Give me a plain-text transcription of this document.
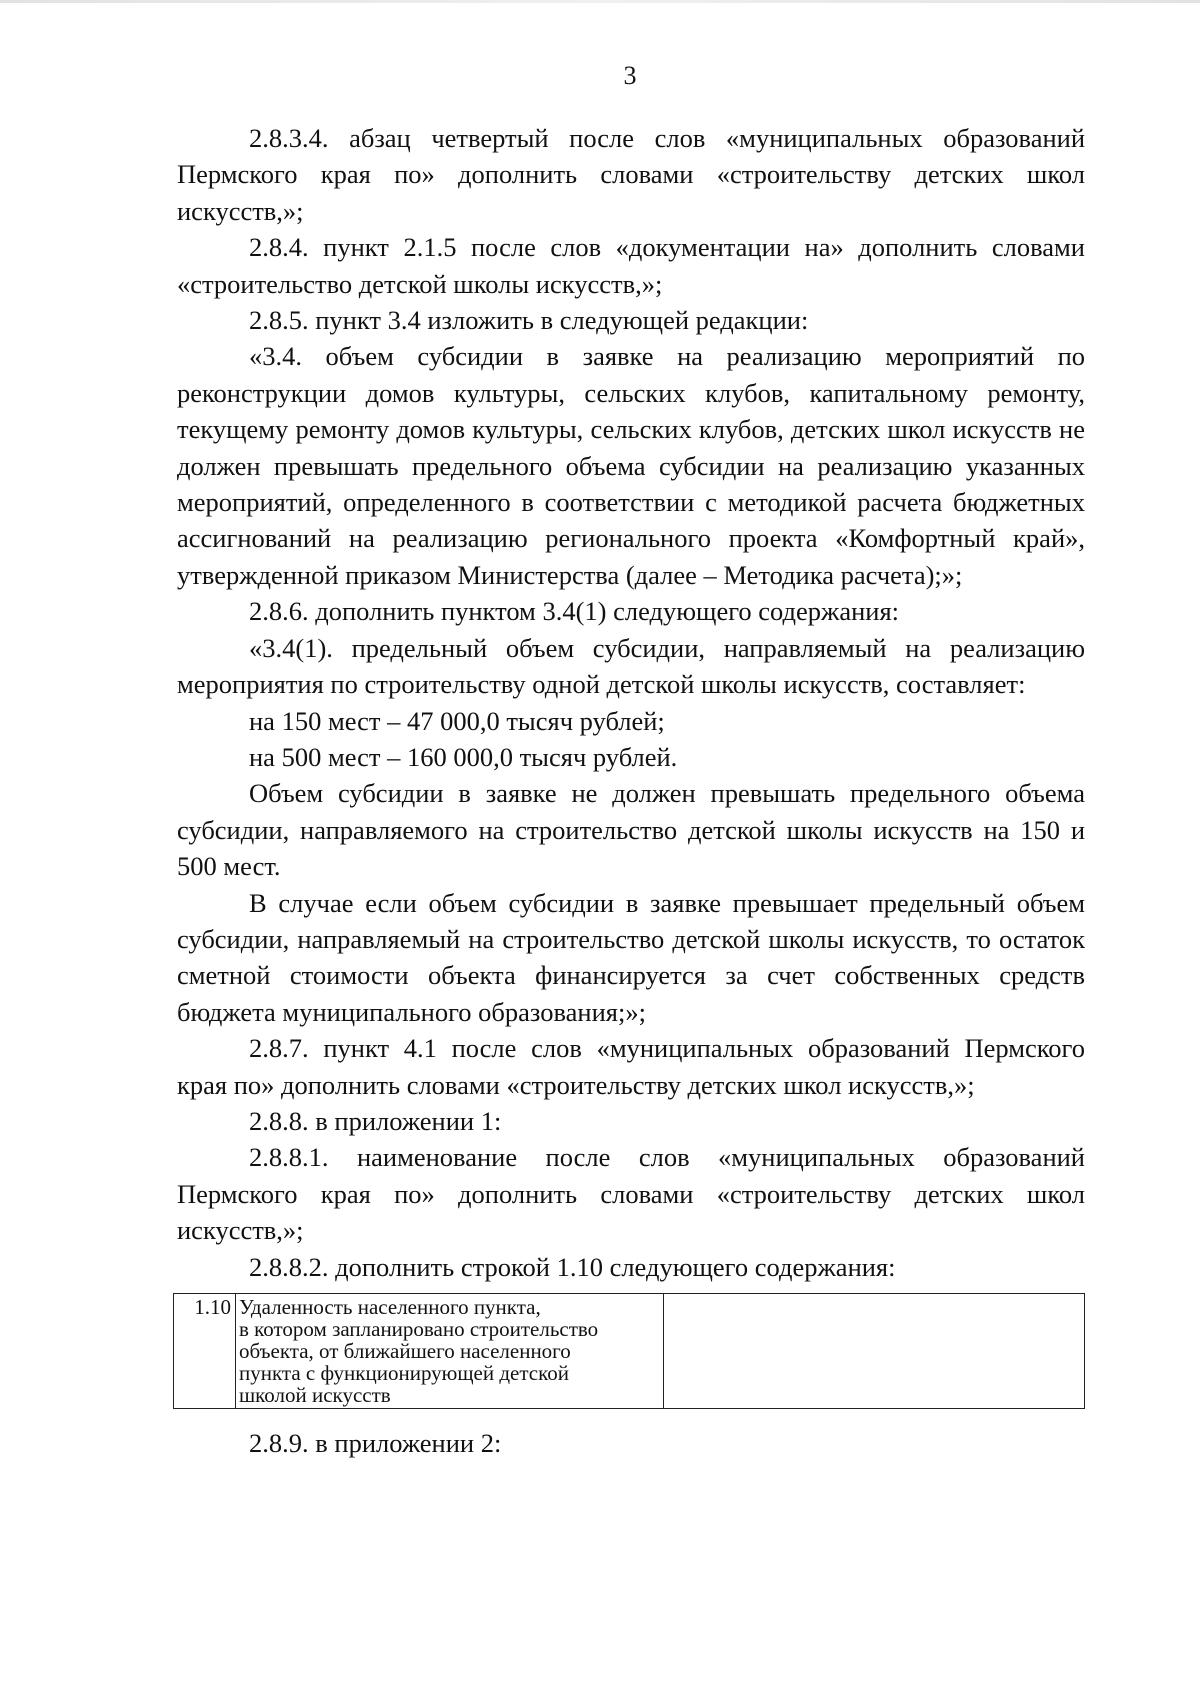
3

2.8.3.4. абзац четвертый после слов «муниципальных образований Пермского края по» дополнить словами «строительству детских школ искусств,»;

2.8.4. пункт 2.1.5 после слов «документации на» дополнить словами «строительство детской школы искусств,»;

2.8.5. пункт 3.4 изложить в следующей редакции:

«3.4. объем субсидии в заявке на реализацию мероприятий по реконструкции домов культуры, сельских клубов, капитальному ремонту, текущему ремонту домов культуры, сельских клубов, детских школ искусств не должен превышать предельного объема субсидии на реализацию указанных мероприятий, определенного в соответствии с методикой расчета бюджетных ассигнований на реализацию регионального проекта «Комфортный край», утвержденной приказом Министерства (далее – Методика расчета);»;

2.8.6. дополнить пунктом 3.4(1) следующего содержания:

«3.4(1). предельный объем субсидии, направляемый на реализацию мероприятия по строительству одной детской школы искусств, составляет:

на 150 мест – 47 000,0 тысяч рублей;

на 500 мест – 160 000,0 тысяч рублей.

Объем субсидии в заявке не должен превышать предельного объема субсидии, направляемого на строительство детской школы искусств на 150 и 500 мест.

В случае если объем субсидии в заявке превышает предельный объем субсидии, направляемый на строительство детской школы искусств, то остаток сметной стоимости объекта финансируется за счет собственных средств бюджета муниципального образования;»;

2.8.7. пункт 4.1 после слов «муниципальных образований Пермского края по» дополнить словами «строительству детских школ искусств,»;

2.8.8. в приложении 1:

2.8.8.1. наименование после слов «муниципальных образований Пермского края по» дополнить словами «строительству детских школ искусств,»;

2.8.8.2. дополнить строкой 1.10 следующего содержания:

1.10	Удаленность населенного пункта,
в котором запланировано строительство
объекта, от ближайшего населенного
пункта с функционирующей детской
школой искусств

2.8.9. в приложении 2:
